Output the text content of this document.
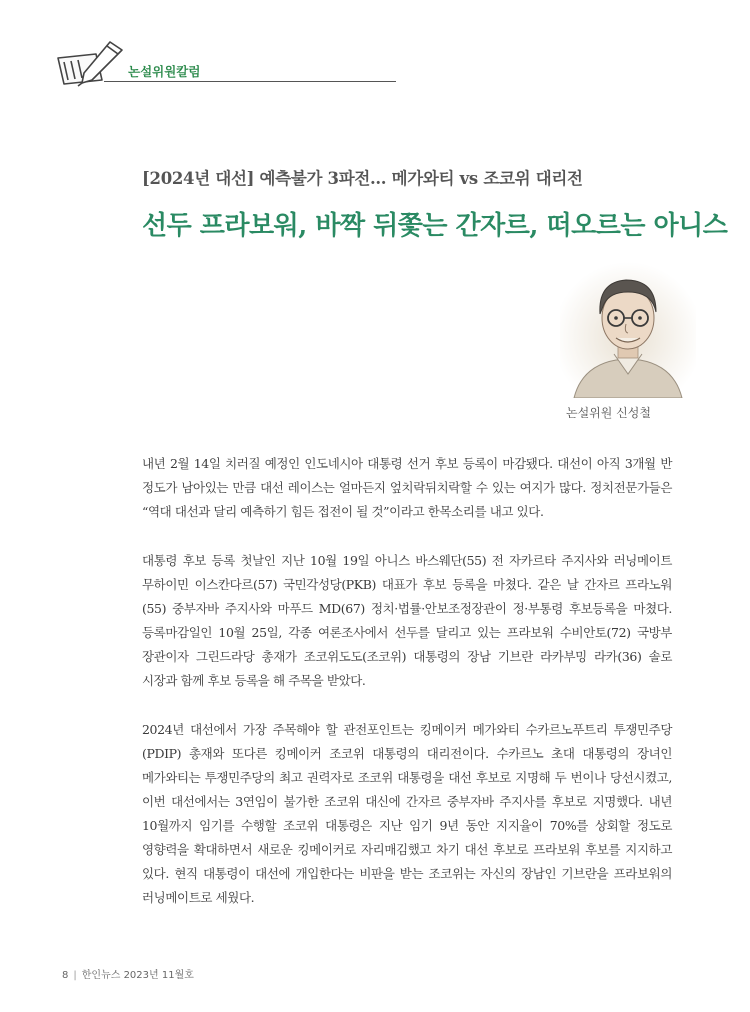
논설위원칼럼
[2024년 대선] 예측불가 3파전… 메가와티 vs 조코위 대리전
선두 프라보워, 바짝 뒤쫓는 간자르, 떠오르는 아니스
논설위원 신성철

내년 2월 14일 치러질 예정인 인도네시아 대통령 선거 후보 등록이 마감됐다. 대선이 아직 3개월 반 정도가 남아있는 만큼 대선 레이스는 얼마든지 엎치락뒤치락할 수 있는 여지가 많다. 정치전문가들은 “역대 대선과 달리 예측하기 힘든 접전이 될 것”이라고 한목소리를 내고 있다.

대통령 후보 등록 첫날인 지난 10월 19일 아니스 바스웨단(55) 전 자카르타 주지사와 러닝메이트 무하이민 이스칸다르(57) 국민각성당(PKB) 대표가 후보 등록을 마쳤다. 같은 날 간자르 프라노워(55) 중부자바 주지사와 마푸드 MD(67) 정치·법률·안보조정장관이 정·부통령 후보등록을 마쳤다. 등록마감일인 10월 25일, 각종 여론조사에서 선두를 달리고 있는 프라보워 수비안토(72) 국방부 장관이자 그린드라당 총재가 조코위도도(조코위) 대통령의 장남 기브란 라카부밍 라카(36) 솔로 시장과 함께 후보 등록을 해 주목을 받았다.

2024년 대선에서 가장 주목해야 할 관전포인트는 킹메이커 메가와티 수카르노푸트리 투쟁민주당(PDIP) 총재와 또다른 킹메이커 조코위 대통령의 대리전이다. 수카르노 초대 대통령의 장녀인 메가와티는 투쟁민주당의 최고 권력자로 조코위 대통령을 대선 후보로 지명해 두 번이나 당선시켰고, 이번 대선에서는 3연임이 불가한 조코위 대신에 간자르 중부자바 주지사를 후보로 지명했다. 내년 10월까지 임기를 수행할 조코위 대통령은 지난 임기 9년 동안 지지율이 70%를 상회할 정도로 영향력을 확대하면서 새로운 킹메이커로 자리매김했고 차기 대선 후보로 프라보워 후보를 지지하고 있다. 현직 대통령이 대선에 개입한다는 비판을 받는 조코위는 자신의 장남인 기브란을 프라보워의 러닝메이트로 세웠다.

8 | 한인뉴스 2023년 11월호
